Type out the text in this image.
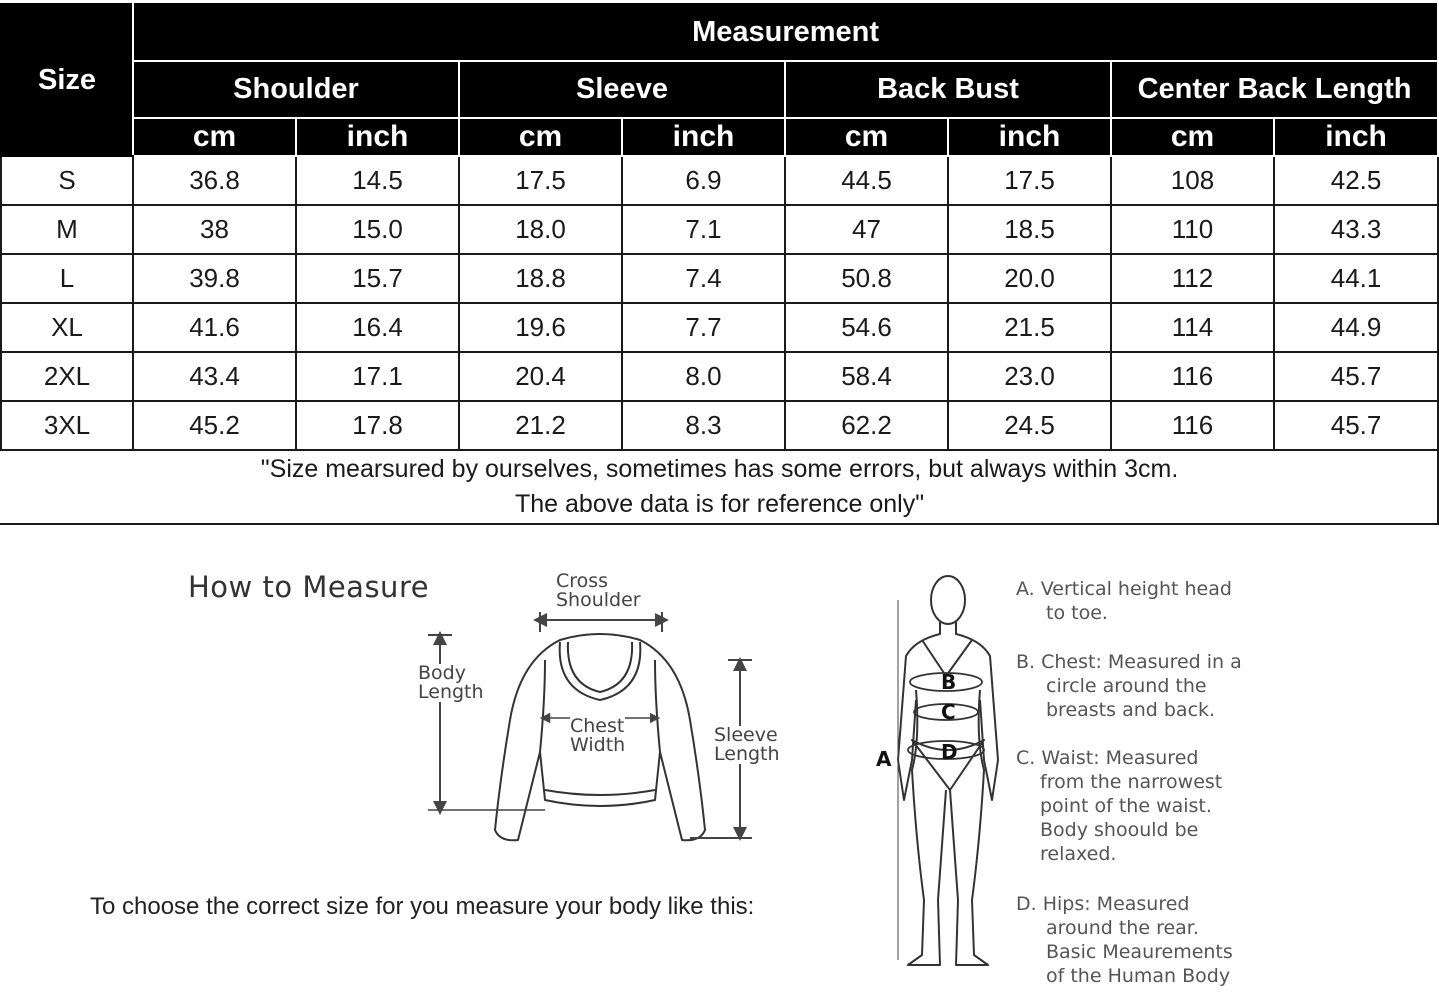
Size	Measurement							
	Shoulder		Sleeve		Back Bust		Center Back Length	
	cm	inch	cm	inch	cm	inch	cm	inch
S	36.8	14.5	17.5	6.9	44.5	17.5	108	42.5
M	38	15.0	18.0	7.1	47	18.5	110	43.3
L	39.8	15.7	18.8	7.4	50.8	20.0	112	44.1
XL	41.6	16.4	19.6	7.7	54.6	21.5	114	44.9
2XL	43.4	17.1	20.4	8.0	58.4	23.0	116	45.7
3XL	45.2	17.8	21.2	8.3	62.2	24.5	116	45.7

"Size mearsured by ourselves, sometimes has some errors, but always within 3cm.
The above data is for reference only"								
How to Measure
To choose the correct size for you measure your body like this:
Cross
Shoulder
Body
Length
Chest
Width	Sleeve
Length	A
B
C
D
A. Vertical height head
to toe.
B. Chest: Measured in a
circle around the
breasts and back.
C. Waist: Measured
from the narrowest
point of the waist.
Body shoould be
relaxed.
D. Hips: Measured
around the rear.
Basic Meaurements
of the Human Body
